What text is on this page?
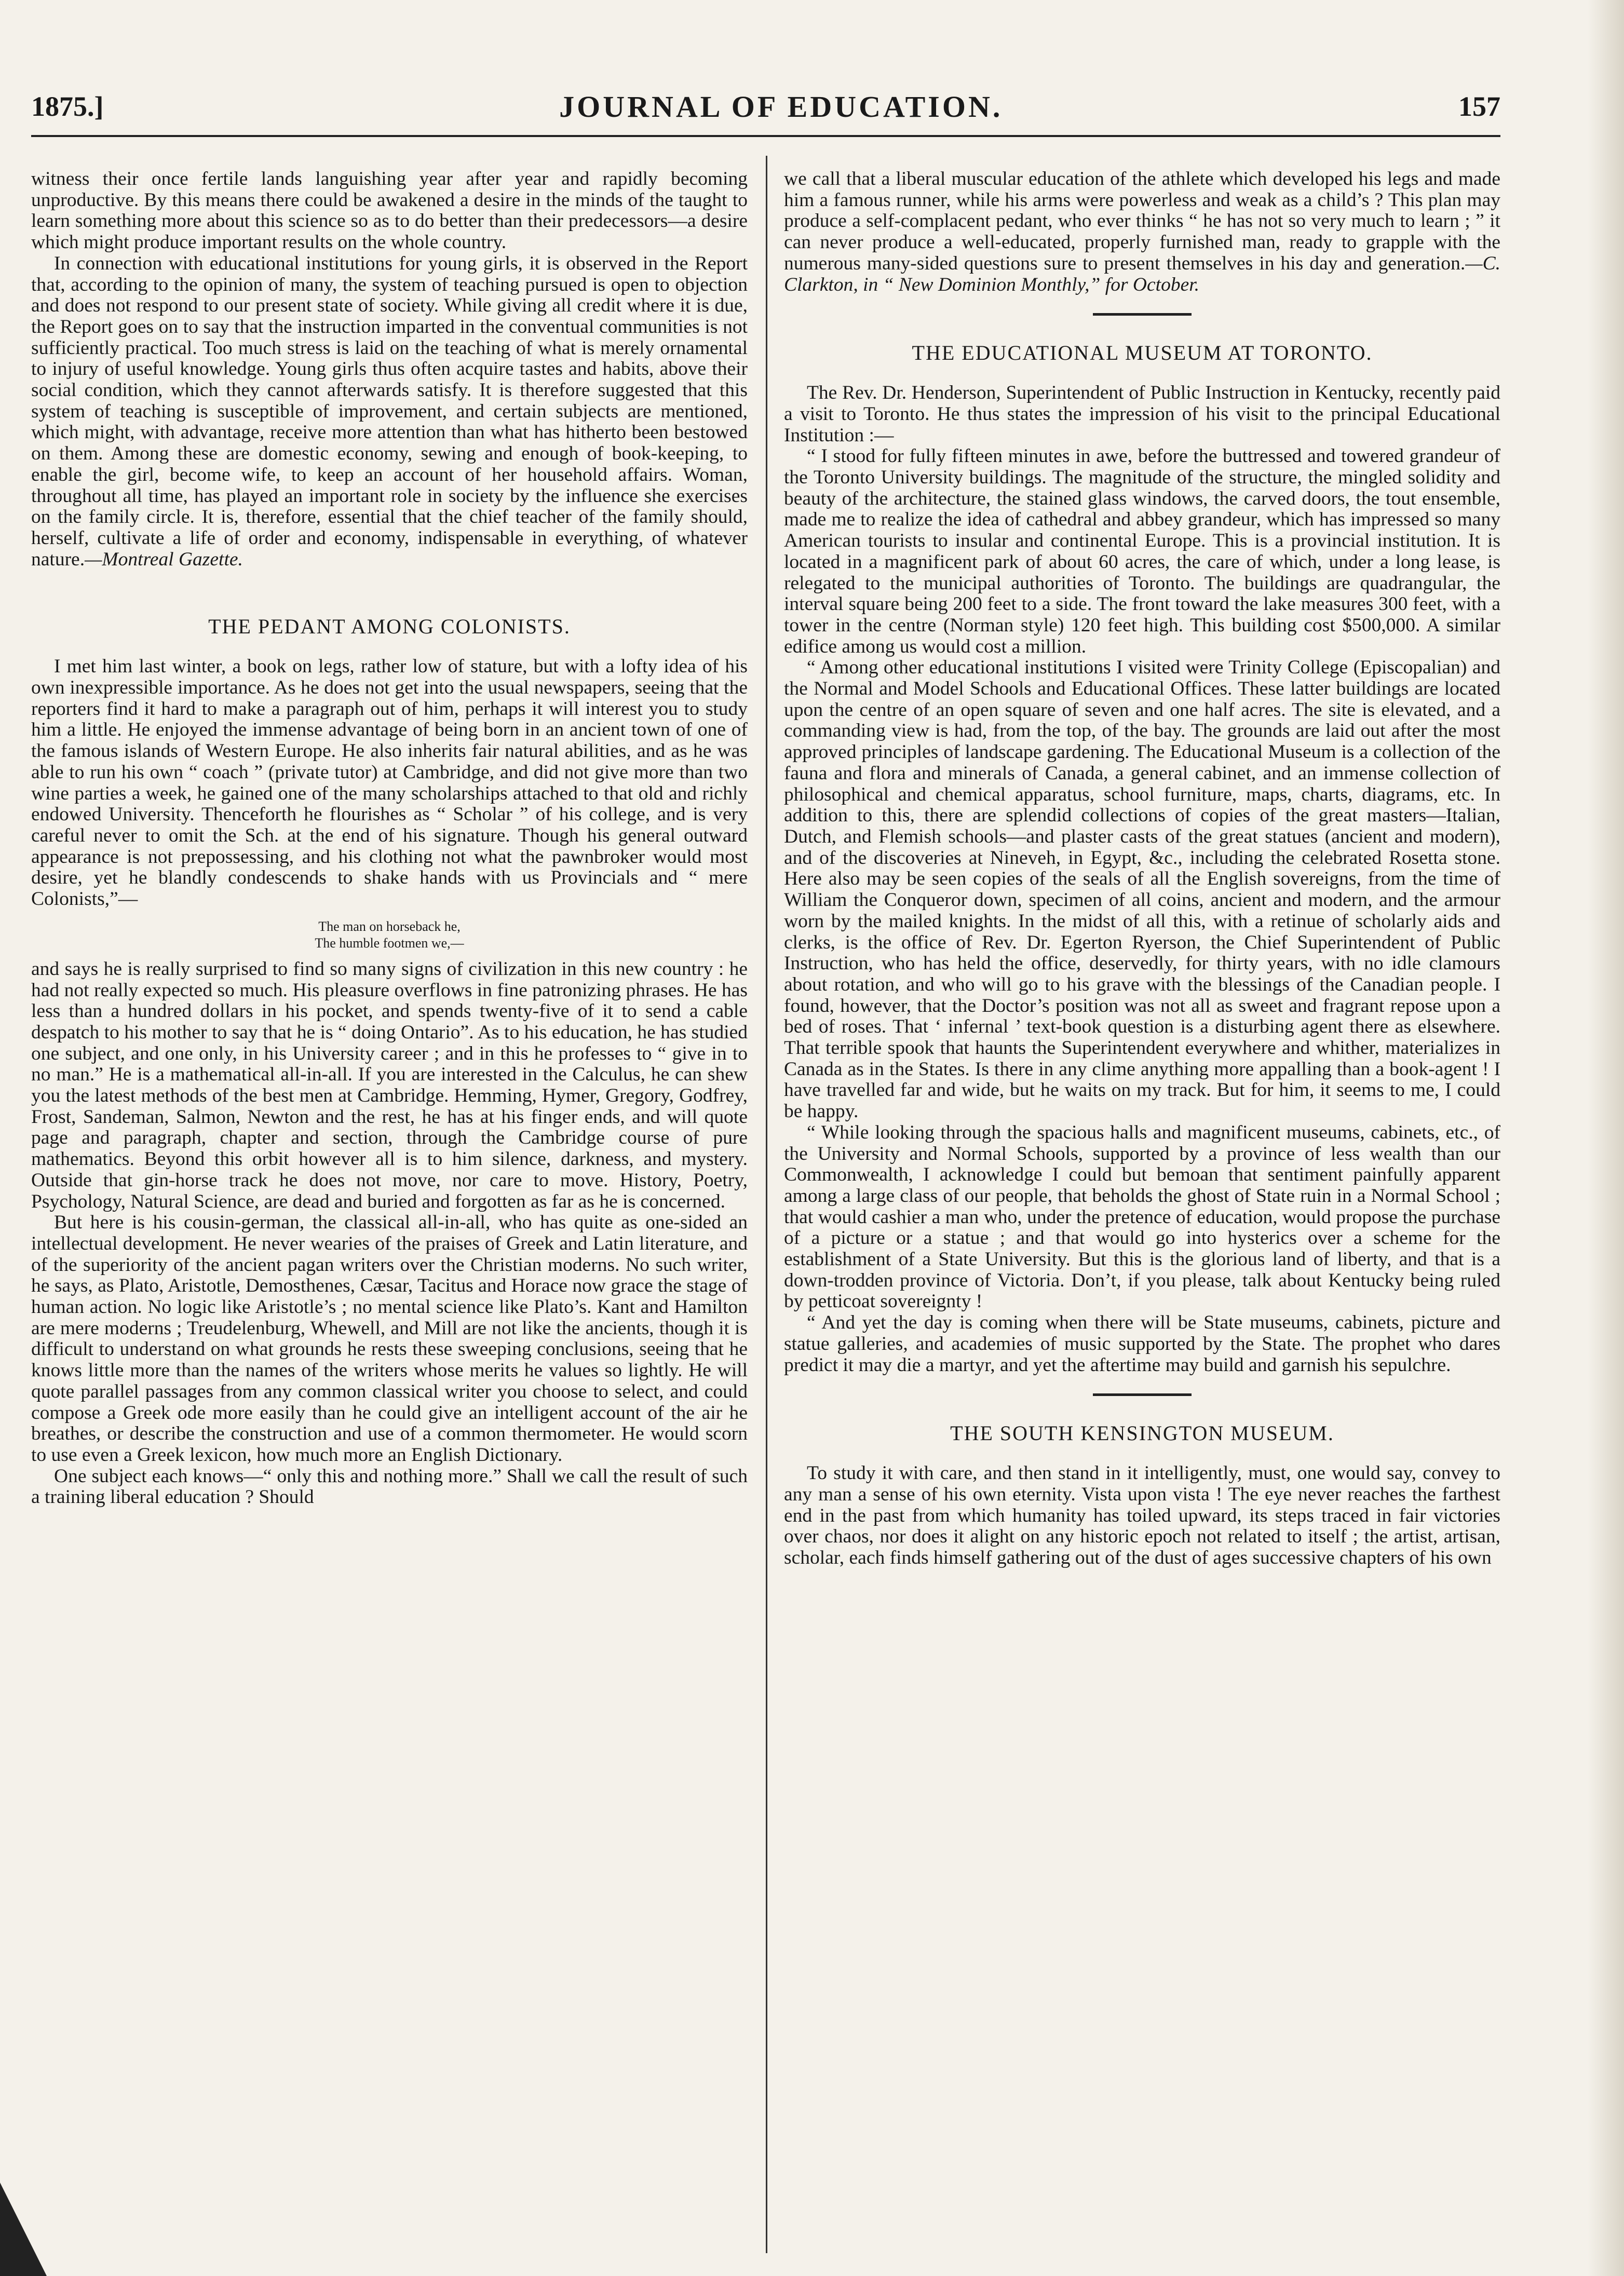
1875.]	JOURNAL OF EDUCATION.	157

witness their once fertile lands languishing year after year and rapidly becoming unproductive. By this means there could be awakened a desire in the minds of the taught to learn something more about this science so as to do better than their predecessors—a desire which might produce important results on the whole country.

In connection with educational institutions for young girls, it is observed in the Report that, according to the opinion of many, the system of teaching pursued is open to objection and does not respond to our present state of society. While giving all credit where it is due, the Report goes on to say that the instruction imparted in the conventual communities is not sufficiently practical. Too much stress is laid on the teaching of what is merely ornamental to injury of useful knowledge. Young girls thus often acquire tastes and habits, above their social condition, which they cannot afterwards satisfy. It is therefore suggested that this system of teaching is susceptible of improvement, and certain subjects are mentioned, which might, with advantage, receive more attention than what has hitherto been bestowed on them. Among these are domestic economy, sewing and enough of book-keeping, to enable the girl, become wife, to keep an account of her household affairs. Woman, throughout all time, has played an important role in society by the influence she exercises on the family circle. It is, therefore, essential that the chief teacher of the family should, herself, cultivate a life of order and economy, indispensable in everything, of whatever nature.—Montreal Gazette.

THE PEDANT AMONG COLONISTS.

I met him last winter, a book on legs, rather low of stature, but with a lofty idea of his own inexpressible importance. As he does not get into the usual newspapers, seeing that the reporters find it hard to make a paragraph out of him, perhaps it will interest you to study him a little. He enjoyed the immense advantage of being born in an ancient town of one of the famous islands of Western Europe. He also inherits fair natural abilities, and as he was able to run his own “ coach ” (private tutor) at Cambridge, and did not give more than two wine parties a week, he gained one of the many scholarships attached to that old and richly endowed University. Thenceforth he flourishes as “ Scholar ” of his college, and is very careful never to omit the Sch. at the end of his signature. Though his general outward appearance is not prepossessing, and his clothing not what the pawnbroker would most desire, yet he blandly condescends to shake hands with us Provincials and “ mere Colonists,”—

The man on horseback he,
The humble footmen we,—

and says he is really surprised to find so many signs of civilization in this new country : he had not really expected so much. His pleasure overflows in fine patronizing phrases. He has less than a hundred dollars in his pocket, and spends twenty-five of it to send a cable despatch to his mother to say that he is “ doing Ontario”. As to his education, he has studied one subject, and one only, in his University career ; and in this he professes to “ give in to no man.” He is a mathematical all-in-all. If you are interested in the Calculus, he can shew you the latest methods of the best men at Cambridge. Hemming, Hymer, Gregory, Godfrey, Frost, Sandeman, Salmon, Newton and the rest, he has at his finger ends, and will quote page and paragraph, chapter and section, through the Cambridge course of pure mathematics. Beyond this orbit however all is to him silence, darkness, and mystery. Outside that gin-horse track he does not move, nor care to move. History, Poetry, Psychology, Natural Science, are dead and buried and forgotten as far as he is concerned.

But here is his cousin-german, the classical all-in-all, who has quite as one-sided an intellectual development. He never wearies of the praises of Greek and Latin literature, and of the superiority of the ancient pagan writers over the Christian moderns. No such writer, he says, as Plato, Aristotle, Demosthenes, Cæsar, Tacitus and Horace now grace the stage of human action. No logic like Aristotle’s ; no mental science like Plato’s. Kant and Hamilton are mere moderns ; Treudelenburg, Whewell, and Mill are not like the ancients, though it is difficult to understand on what grounds he rests these sweeping conclusions, seeing that he knows little more than the names of the writers whose merits he values so lightly. He will quote parallel passages from any common classical writer you choose to select, and could compose a Greek ode more easily than he could give an intelligent account of the air he breathes, or describe the construction and use of a common thermometer. He would scorn to use even a Greek lexicon, how much more an English Dictionary.

One subject each knows—“ only this and nothing more.” Shall we call the result of such a training liberal education ? Should

we call that a liberal muscular education of the athlete which developed his legs and made him a famous runner, while his arms were powerless and weak as a child’s ? This plan may produce a self-complacent pedant, who ever thinks “ he has not so very much to learn ; ” it can never produce a well-educated, properly furnished man, ready to grapple with the numerous many-sided questions sure to present themselves in his day and generation.—C. Clarkton, in “ New Dominion Monthly,” for October.

THE EDUCATIONAL MUSEUM AT TORONTO.

The Rev. Dr. Henderson, Superintendent of Public Instruction in Kentucky, recently paid a visit to Toronto. He thus states the impression of his visit to the principal Educational Institution :—

“ I stood for fully fifteen minutes in awe, before the buttressed and towered grandeur of the Toronto University buildings. The magnitude of the structure, the mingled solidity and beauty of the architecture, the stained glass windows, the carved doors, the tout ensemble, made me to realize the idea of cathedral and abbey grandeur, which has impressed so many American tourists to insular and continental Europe. This is a provincial institution. It is located in a magnificent park of about 60 acres, the care of which, under a long lease, is relegated to the municipal authorities of Toronto. The buildings are quadrangular, the interval square being 200 feet to a side. The front toward the lake measures 300 feet, with a tower in the centre (Norman style) 120 feet high. This building cost $500,000. A similar edifice among us would cost a million.

“ Among other educational institutions I visited were Trinity College (Episcopalian) and the Normal and Model Schools and Educational Offices. These latter buildings are located upon the centre of an open square of seven and one half acres. The site is elevated, and a commanding view is had, from the top, of the bay. The grounds are laid out after the most approved principles of landscape gardening. The Educational Museum is a collection of the fauna and flora and minerals of Canada, a general cabinet, and an immense collection of philosophical and chemical apparatus, school furniture, maps, charts, diagrams, etc. In addition to this, there are splendid collections of copies of the great masters—Italian, Dutch, and Flemish schools—and plaster casts of the great statues (ancient and modern), and of the discoveries at Nineveh, in Egypt, &c., including the celebrated Rosetta stone. Here also may be seen copies of the seals of all the English sovereigns, from the time of William the Conqueror down, specimen of all coins, ancient and modern, and the armour worn by the mailed knights. In the midst of all this, with a retinue of scholarly aids and clerks, is the office of Rev. Dr. Egerton Ryerson, the Chief Superintendent of Public Instruction, who has held the office, deservedly, for thirty years, with no idle clamours about rotation, and who will go to his grave with the blessings of the Canadian people. I found, however, that the Doctor’s position was not all as sweet and fragrant repose upon a bed of roses. That ‘ infernal ’ text-book question is a disturbing agent there as elsewhere. That terrible spook that haunts the Superintendent everywhere and whither, materializes in Canada as in the States. Is there in any clime anything more appalling than a book-agent ! I have travelled far and wide, but he waits on my track. But for him, it seems to me, I could be happy.

“ While looking through the spacious halls and magnificent museums, cabinets, etc., of the University and Normal Schools, supported by a province of less wealth than our Commonwealth, I acknowledge I could but bemoan that sentiment painfully apparent among a large class of our people, that beholds the ghost of State ruin in a Normal School ; that would cashier a man who, under the pretence of education, would propose the purchase of a picture or a statue ; and that would go into hysterics over a scheme for the establishment of a State University. But this is the glorious land of liberty, and that is a down-trodden province of Victoria. Don’t, if you please, talk about Kentucky being ruled by petticoat sovereignty !

“ And yet the day is coming when there will be State museums, cabinets, picture and statue galleries, and academies of music supported by the State. The prophet who dares predict it may die a martyr, and yet the aftertime may build and garnish his sepulchre.

THE SOUTH KENSINGTON MUSEUM.

To study it with care, and then stand in it intelligently, must, one would say, convey to any man a sense of his own eternity. Vista upon vista ! The eye never reaches the farthest end in the past from which humanity has toiled upward, its steps traced in fair victories over chaos, nor does it alight on any historic epoch not related to itself ; the artist, artisan, scholar, each finds himself gathering out of the dust of ages successive chapters of his own
